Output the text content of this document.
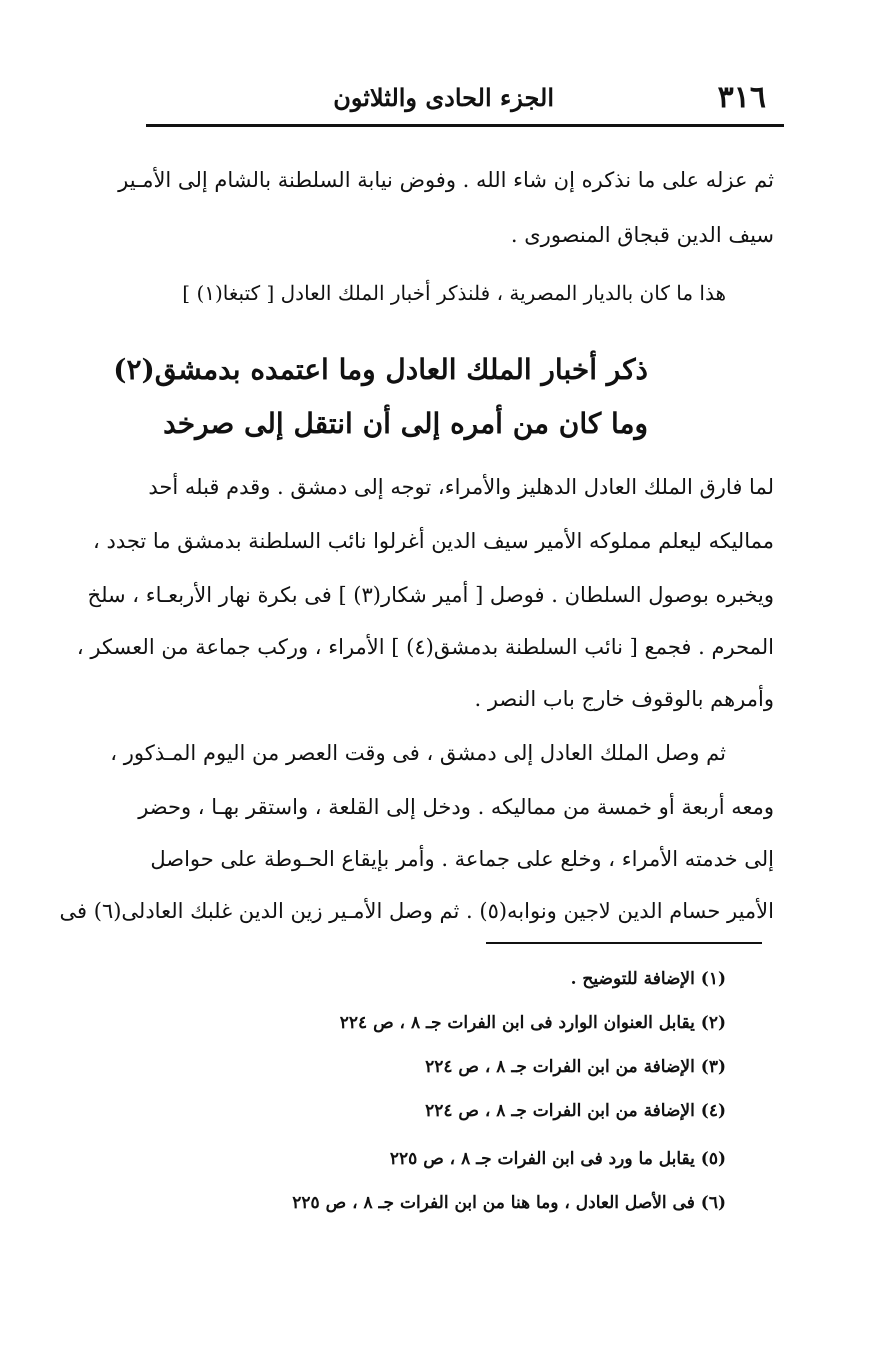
٣١٦
الجزء الحادى والثلاثون
ثم عزله على ما نذكره إن شاء الله . وفوض نيابة السلطنة بالشام إلى الأمـير
سيف الدين قبجاق المنصورى .
هذا ما كان بالديار المصرية ، فلنذكر أخبار الملك العادل [ كتبغا(١) ]
ذكر أخبار الملك العادل وما اعتمده بدمشق(٢)
وما كان من أمره إلى أن انتقل إلى صرخد
لما فارق الملك العادل الدهليز والأمراء، توجه إلى دمشق . وقدم قبله أحد
مماليكه ليعلم مملوكه الأمير سيف الدين أغرلوا نائب السلطنة بدمشق ما تجدد ،
ويخبره بوصول السلطان . فوصل [ أمير شكار(٣) ] فى بكرة نهار الأربعـاء ، سلخ
المحرم . فجمع [ نائب السلطنة بدمشق(٤) ] الأمراء ، وركب جماعة من العسكر ،
وأمرهم بالوقوف خارج باب النصر .
ثم وصل الملك العادل إلى دمشق ، فى وقت العصر من اليوم المـذكور ،
ومعه أربعة أو خمسة من مماليكه . ودخل إلى القلعة ، واستقر بهـا ، وحضر
إلى خدمته الأمراء ، وخلع على جماعة . وأمر بإيقاع الحـوطة على حواصل
الأمير حسام الدين لاجين ونوابه(٥) . ثم وصل الأمـير زين الدين غلبك العادلى(٦) فى
(١) الإضافة للتوضيح .
(٢) يقابل العنوان الوارد فى ابن الفرات جـ ٨ ، ص ٢٢٤
(٣) الإضافة من ابن الفرات جـ ٨ ، ص ٢٢٤
(٤) الإضافة من ابن الفرات جـ ٨ ، ص ٢٢٤
(٥) يقابل ما ورد فى ابن الفرات جـ ٨ ، ص ٢٢٥
(٦) فى الأصل العادل ، وما هنا من ابن الفرات جـ ٨ ، ص ٢٢٥
